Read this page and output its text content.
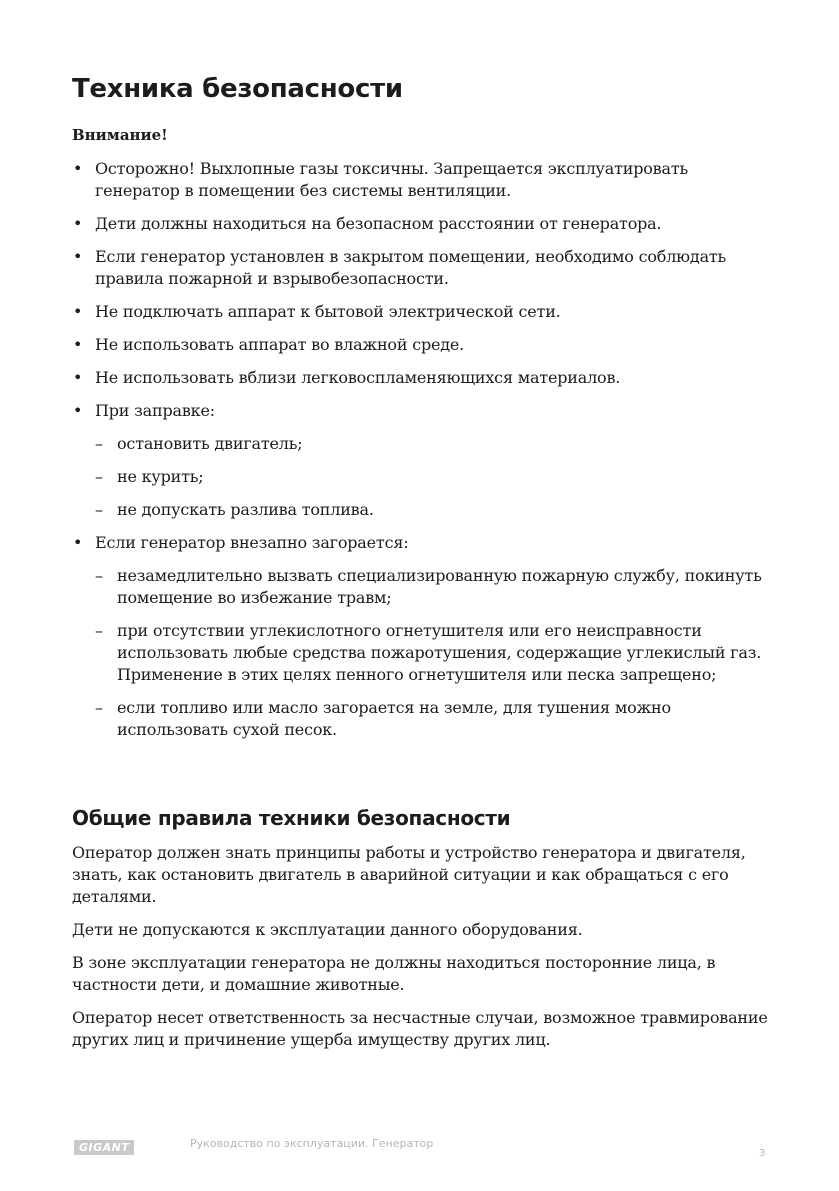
Техника безопасности

Внимание!

• Осторожно! Выхлопные газы токсичны. Запрещается эксплуатировать генератор в помещении без системы вентиляции.
• Дети должны находиться на безопасном расстоянии от генератора.
• Если генератор установлен в закрытом помещении, необходимо соблюдать правила пожарной и взрывобезопасности.
• Не подключать аппарат к бытовой электрической сети.
• Не использовать аппарат во влажной среде.
• Не использовать вблизи легковоспламеняющихся материалов.
• При заправке:
– остановить двигатель;
– не курить;
– не допускать разлива топлива.
• Если генератор внезапно загорается:
– незамедлительно вызвать специализированную пожарную службу, покинуть помещение во избежание травм;
– при отсутствии углекислотного огнетушителя или его неисправности использовать любые средства пожаротушения, содержащие углекислый газ. Применение в этих целях пенного огнетушителя или песка запрещено;
– если топливо или масло загорается на земле, для тушения можно использовать сухой песок.
Общие правила техники безопасности

Оператор должен знать принципы работы и устройство генератора и двигателя, знать, как остановить двигатель в аварийной ситуации и как обращаться с его деталями.

Дети не допускаются к эксплуатации данного оборудования.

В зоне эксплуатации генератора не должны находиться посторонние лица, в частности дети, и домашние животные.

Оператор несет ответственность за несчастные случаи, возможное травмирование других лиц и причинение ущерба имуществу других лиц.

GIGANT	Руководство по эксплуатации. Генератор
3
